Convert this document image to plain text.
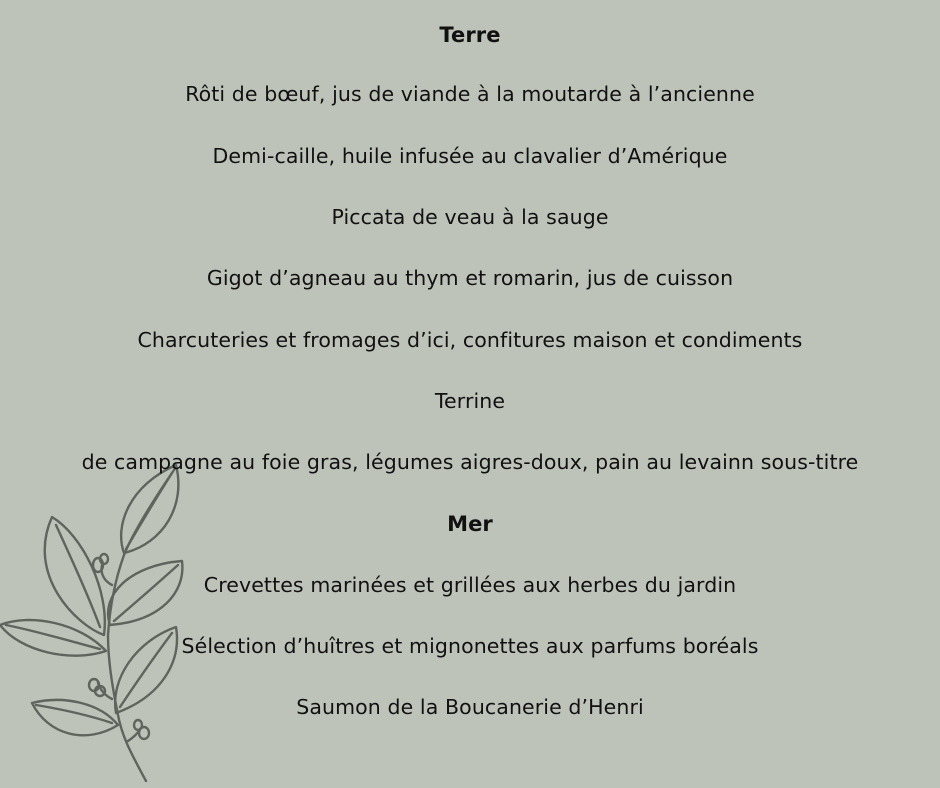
Terre
Rôti de bœuf, jus de viande à la moutarde à l’ancienne
Demi-caille, huile infusée au clavalier d’Amérique
Piccata de veau à la sauge
Gigot d’agneau au thym et romarin, jus de cuisson
Charcuteries et fromages d’ici, confitures maison et condiments
Terrine
de campagne au foie gras, légumes aigres-doux, pain au levainn sous-titre
Mer
Crevettes marinées et grillées aux herbes du jardin
Sélection d’huîtres et mignonettes aux parfums boréals
Saumon de la Boucanerie d’Henri
